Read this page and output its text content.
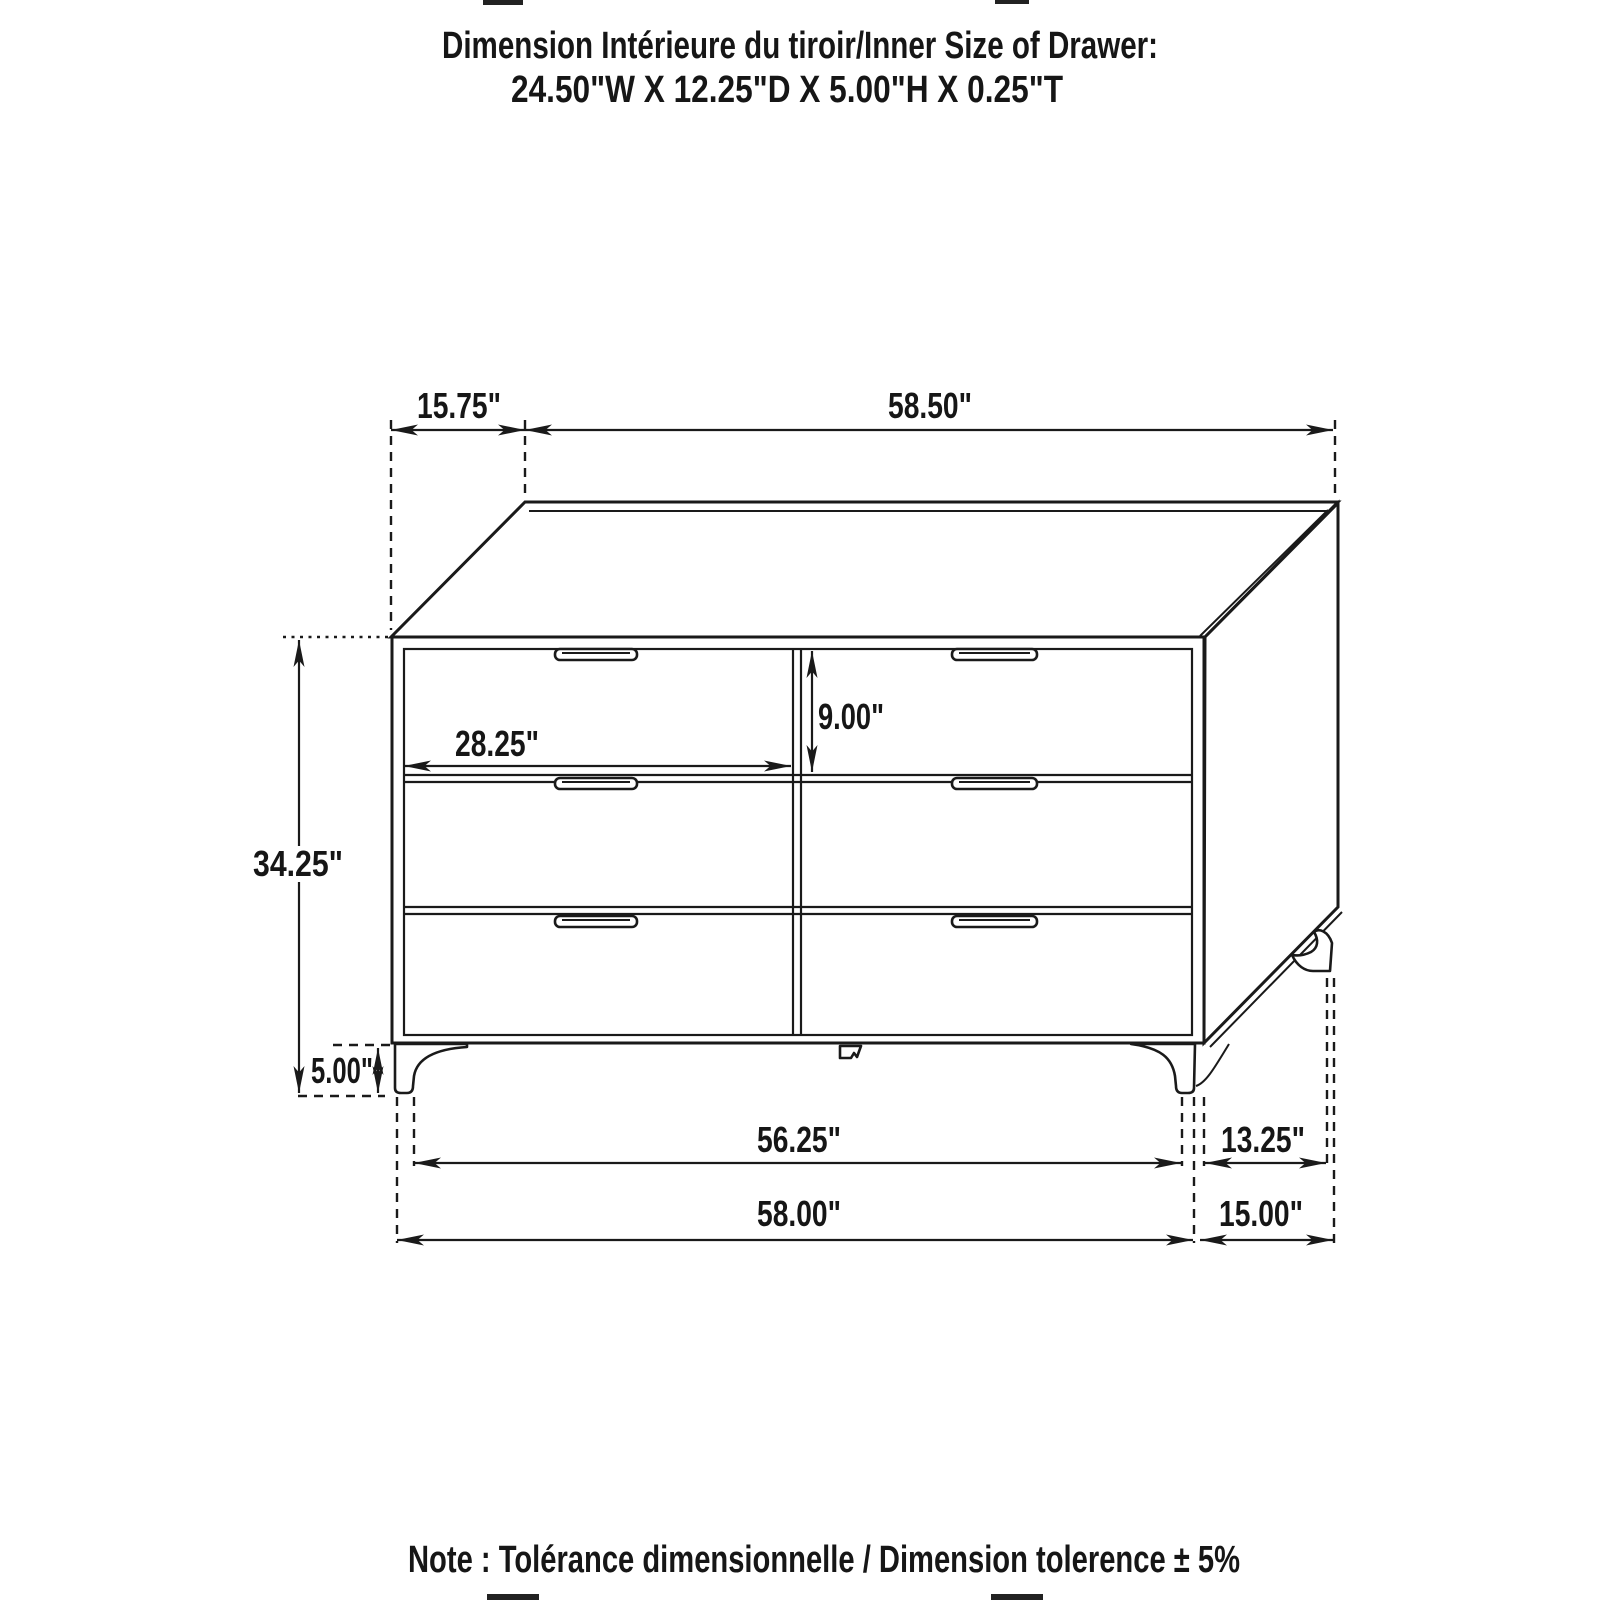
Dimension Intérieure du tiroir/Inner Size of Drawer:
24.50"W X 12.25"D X 5.00"H X 0.25"T
15.75"	58.50"
28.25"
9.00"
34.25"
5.00"
56.25"	13.25"
58.00"	15.00"
Note : Tolérance dimensionnelle / Dimension tolerence ± 5%
